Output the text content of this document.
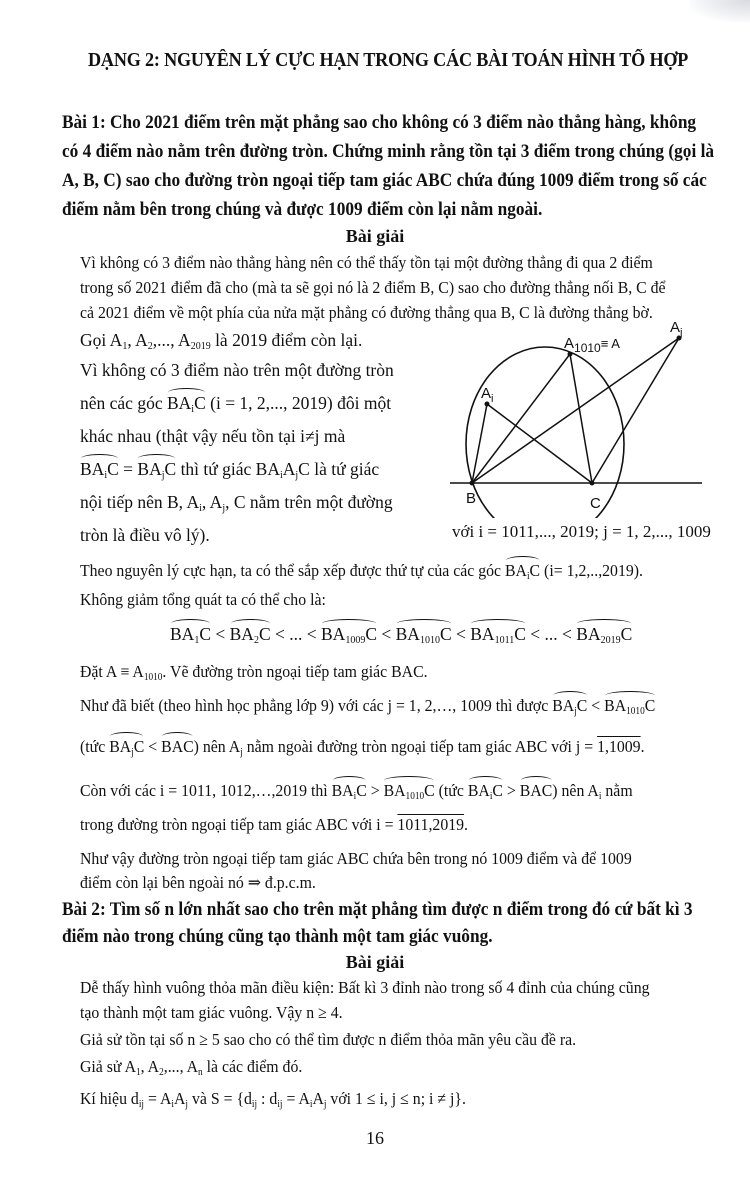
DẠNG 2: NGUYÊN LÝ CỰC HẠN TRONG CÁC BÀI TOÁN HÌNH TỔ HỢP
Bài 1: Cho 2021 điểm trên mặt phẳng sao cho không có 3 điểm nào thẳng hàng, không
có 4 điểm nào nằm trên đường tròn. Chứng minh rằng tồn tại 3 điểm trong chúng (gọi là
A, B, C) sao cho đường tròn ngoại tiếp tam giác ABC chứa đúng 1009 điểm trong số các
điểm nằm bên trong chúng và được 1009 điểm còn lại nằm ngoài.
Bài giải
Vì không có 3 điểm nào thẳng hàng nên có thể thấy tồn tại một đường thẳng đi qua 2 điểm
trong số 2021 điểm đã cho (mà ta sẽ gọi nó là 2 điểm B, C) sao cho đường thẳng nối B, C để
cả 2021 điểm về một phía của nửa mặt phẳng có đường thẳng qua B, C là đường thẳng bờ.
Gọi $A_1$, $A_2$,..., $A_{2019}$ là 2019 điểm còn lại.
Vì không có 3 điểm nào trên một đường tròn
nên các góc $BA_iC$ (i = 1, 2,..., 2019) đôi một
khác nhau (thật vậy nếu tồn tại i≠j mà
$BA_iC = BA_jC$ thì tứ giác $BA_iA_jC$ là tứ giác
nội tiếp nên B, $A_i$, $A_j$, C nằm trên một đường
tròn là điều vô lý).
$A_{1010}\equiv A$
$A_j$
$A_i$
B	C
với i = 1011,..., 2019; j = 1, 2,..., 1009
Theo nguyên lý cực hạn, ta có thể sắp xếp được thứ tự của các góc $BA_iC$ (i= 1,2,..,2019).
Không giảm tổng quát ta có thể cho là:
$BA_1C < BA_2C$ < ... < $BA_{1009}C < BA_{1010}C < BA_{1011}C$ < ... < $BA_{2019}C$
Đặt $A \equiv A_{1010}$. Vẽ đường tròn ngoại tiếp tam giác BAC.
Như đã biết (theo hình học phẳng lớp 9) với các j = 1, 2,…, 1009 thì được $BA_jC < BA_{1010}C$
(tức $BA_jC < BAC$) nên $A_j$ nằm ngoài đường tròn ngoại tiếp tam giác ABC với j = 1,1009.
Còn với các i = 1011, 1012,…,2019 thì $BA_iC > BA_{1010}C$ (tức $BA_iC > BAC$) nên $A_i$ nằm
trong đường tròn ngoại tiếp tam giác ABC với i = 1011,2019.
Như vậy đường tròn ngoại tiếp tam giác ABC chứa bên trong nó 1009 điểm và để 1009
điểm còn lại bên ngoài nó ⇒ đ.p.c.m.
Bài 2: Tìm số n lớn nhất sao cho trên mặt phẳng tìm được n điểm trong đó cứ bất kì 3
điểm nào trong chúng cũng tạo thành một tam giác vuông.
Bài giải
Dễ thấy hình vuông thỏa mãn điều kiện: Bất kì 3 đỉnh nào trong số 4 đỉnh của chúng cũng
tạo thành một tam giác vuông. Vậy n ≥ 4.
Giả sử tồn tại số n ≥ 5 sao cho có thể tìm được n điểm thỏa mãn yêu cầu đề ra.
Giả sử $A_1$, $A_2$,..., $A_n$ là các điểm đó.
Kí hiệu $d_{ij} = A_iA_j$ và $S = \{d_{ij}$ : $d_{ij} = A_iA_j$ với 1 ≤ i, j ≤ n; i ≠ j}.
16
